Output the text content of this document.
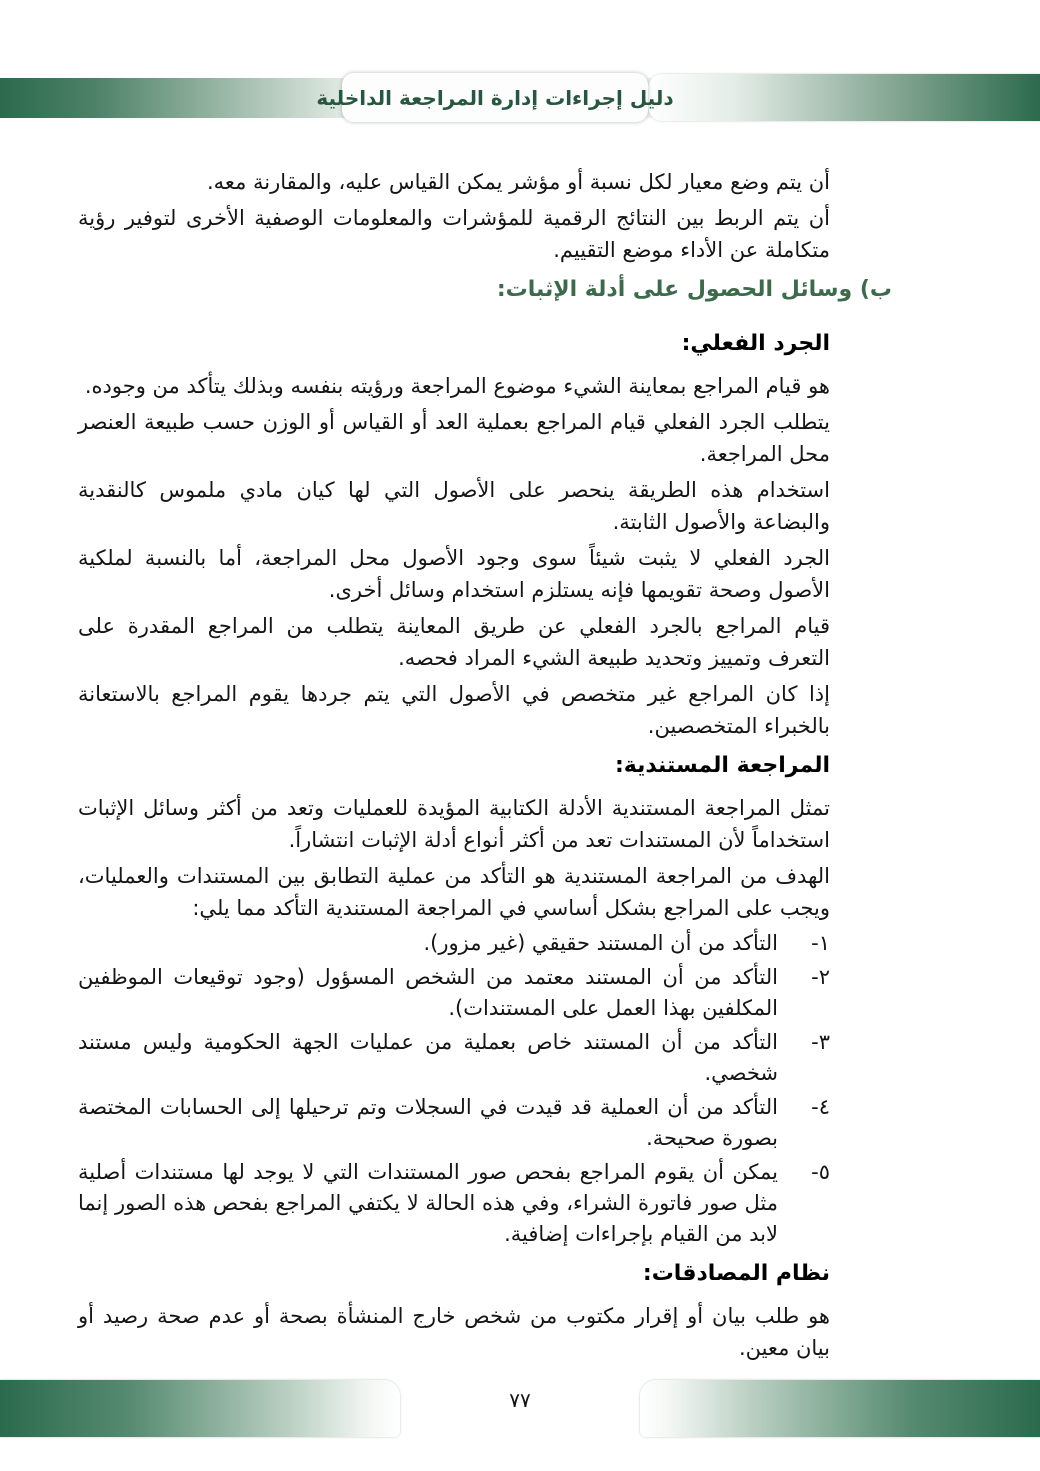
دليل إجراءات إدارة المراجعة الداخلية

أن يتم وضع معيار لكل نسبة أو مؤشر يمكن القياس عليه، والمقارنة معه.

أن يتم الربط بين النتائج الرقمية للمؤشرات والمعلومات الوصفية الأخرى لتوفير رؤية متكاملة عن الأداء موضع التقييم.

ب) وسائل الحصول على أدلة الإثبات:
الجرد الفعلي:

هو قيام المراجع بمعاينة الشيء موضوع المراجعة ورؤيته بنفسه وبذلك يتأكد من وجوده.

يتطلب الجرد الفعلي قيام المراجع بعملية العد أو القياس أو الوزن حسب طبيعة العنصر محل المراجعة.

استخدام هذه الطريقة ينحصر على الأصول التي لها كيان مادي ملموس كالنقدية والبضاعة والأصول الثابتة.

الجرد الفعلي لا يثبت شيئاً سوى وجود الأصول محل المراجعة، أما بالنسبة لملكية الأصول وصحة تقويمها فإنه يستلزم استخدام وسائل أخرى.

قيام المراجع بالجرد الفعلي عن طريق المعاينة يتطلب من المراجع المقدرة على التعرف وتمييز وتحديد طبيعة الشيء المراد فحصه.

إذا كان المراجع غير متخصص في الأصول التي يتم جردها يقوم المراجع بالاستعانة بالخبراء المتخصصين.

المراجعة المستندية:

تمثل المراجعة المستندية الأدلة الكتابية المؤيدة للعمليات وتعد من أكثر وسائل الإثبات استخداماً لأن المستندات تعد من أكثر أنواع أدلة الإثبات انتشاراً.

الهدف من المراجعة المستندية هو التأكد من عملية التطابق بين المستندات والعمليات، ويجب على المراجع بشكل أساسي في المراجعة المستندية التأكد مما يلي:

١-
التأكد من أن المستند حقيقي (غير مزور).
٢-
التأكد من أن المستند معتمد من الشخص المسؤول (وجود توقيعات الموظفين المكلفين بهذا العمل على المستندات).
٣-
التأكد من أن المستند خاص بعملية من عمليات الجهة الحكومية وليس مستند شخصي.
٤-
التأكد من أن العملية قد قيدت في السجلات وتم ترحيلها إلى الحسابات المختصة بصورة صحيحة.
٥-
يمكن أن يقوم المراجع بفحص صور المستندات التي لا يوجد لها مستندات أصلية مثل صور فاتورة الشراء، وفي هذه الحالة لا يكتفي المراجع بفحص هذه الصور إنما لابد من القيام بإجراءات إضافية.
نظام المصادقات:

هو طلب بيان أو إقرار مكتوب من شخص خارج المنشأة بصحة أو عدم صحة رصيد أو بيان معين.

٧٧
